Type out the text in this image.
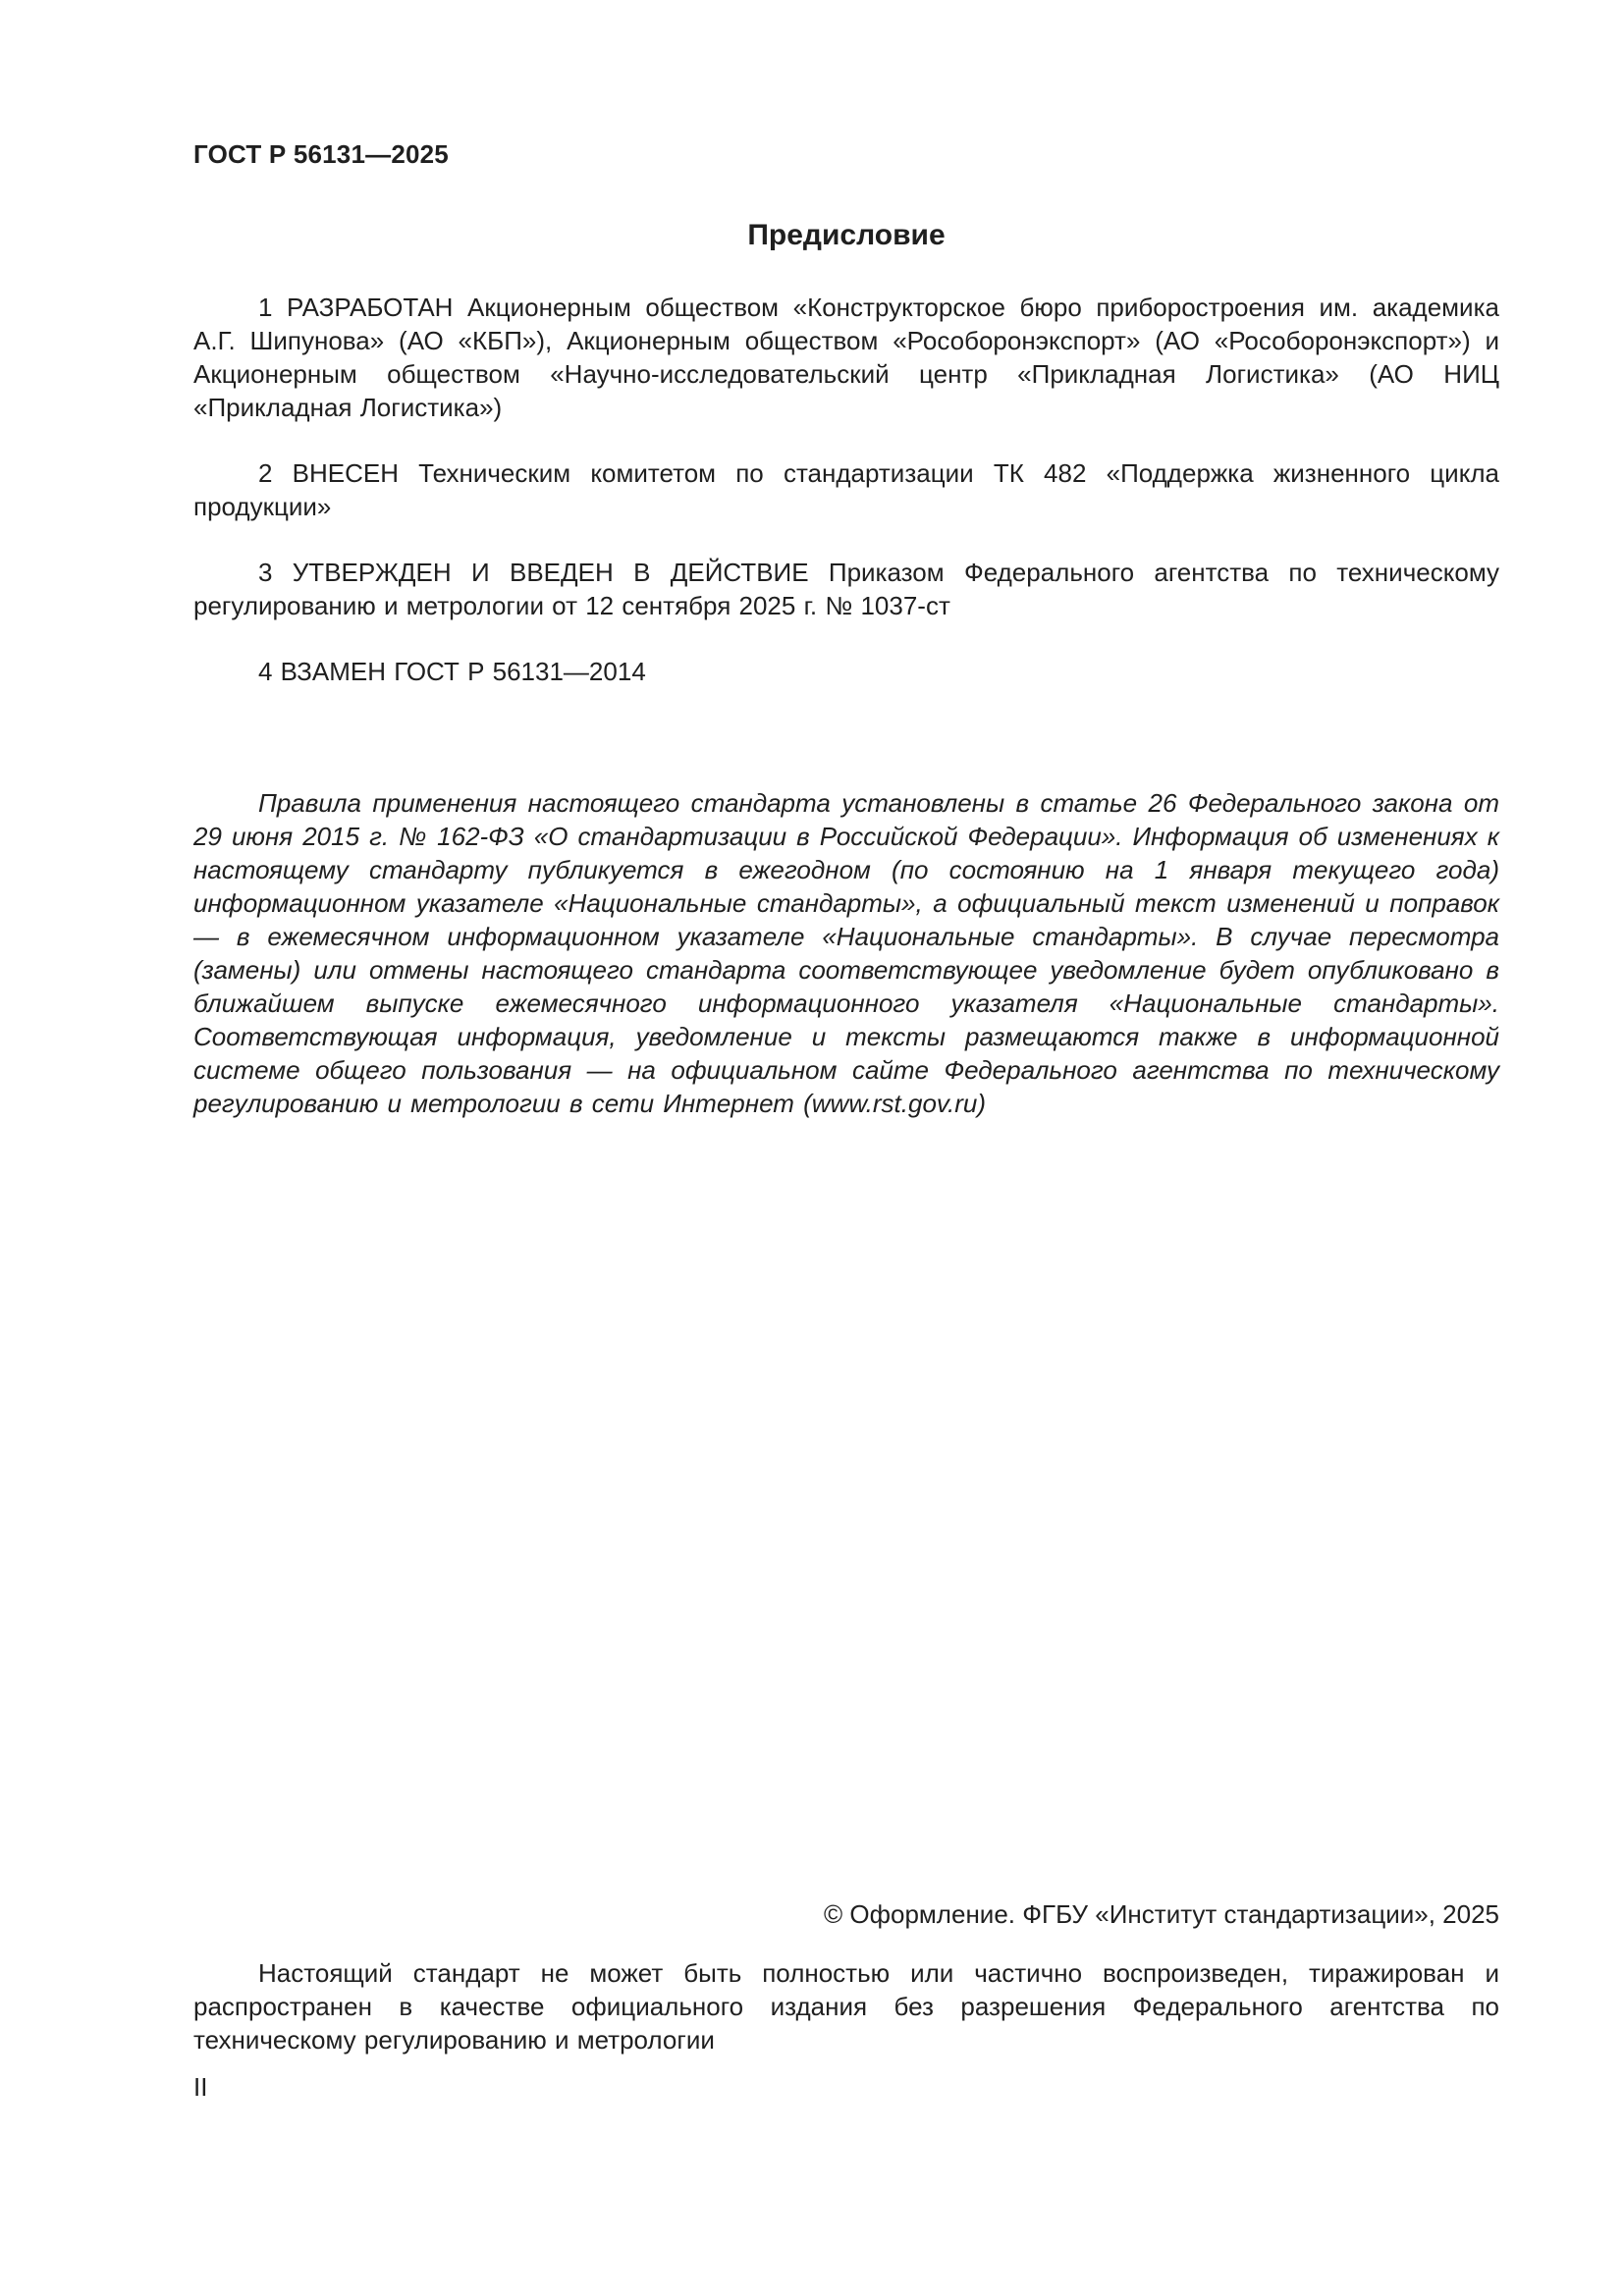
ГОСТ Р 56131—2025
Предисловие

1 РАЗРАБОТАН Акционерным обществом «Конструкторское бюро приборостроения им. академика А.Г. Шипунова» (АО «КБП»), Акционерным обществом «Рособоронэкспорт» (АО «Рособоронэкспорт») и Акционерным обществом «Научно-исследовательский центр «Прикладная Логистика» (АО НИЦ «Прикладная Логистика»)

2 ВНЕСЕН Техническим комитетом по стандартизации ТК 482 «Поддержка жизненного цикла продукции»

3 УТВЕРЖДЕН И ВВЕДЕН В ДЕЙСТВИЕ Приказом Федерального агентства по техническому регулированию и метрологии от 12 сентября 2025 г. № 1037-ст

4 ВЗАМЕН ГОСТ Р 56131—2014

Правила применения настоящего стандарта установлены в статье 26 Федерального закона от 29 июня 2015 г. № 162-ФЗ «О стандартизации в Российской Федерации». Информация об изменениях к настоящему стандарту публикуется в ежегодном (по состоянию на 1 января текущего года) информационном указателе «Национальные стандарты», а официальный текст изменений и поправок — в ежемесячном информационном указателе «Национальные стандарты». В случае пересмотра (замены) или отмены настоящего стандарта соответствующее уведомление будет опубликовано в ближайшем выпуске ежемесячного информационного указателя «Национальные стандарты». Соответствующая информация, уведомление и тексты размещаются также в информационной системе общего пользования — на официальном сайте Федерального агентства по техническому регулированию и метрологии в сети Интернет (www.rst.gov.ru)
© Оформление. ФГБУ «Институт стандартизации», 2025

Настоящий стандарт не может быть полностью или частично воспроизведен, тиражирован и распространен в качестве официального издания без разрешения Федерального агентства по техническому регулированию и метрологии

II
